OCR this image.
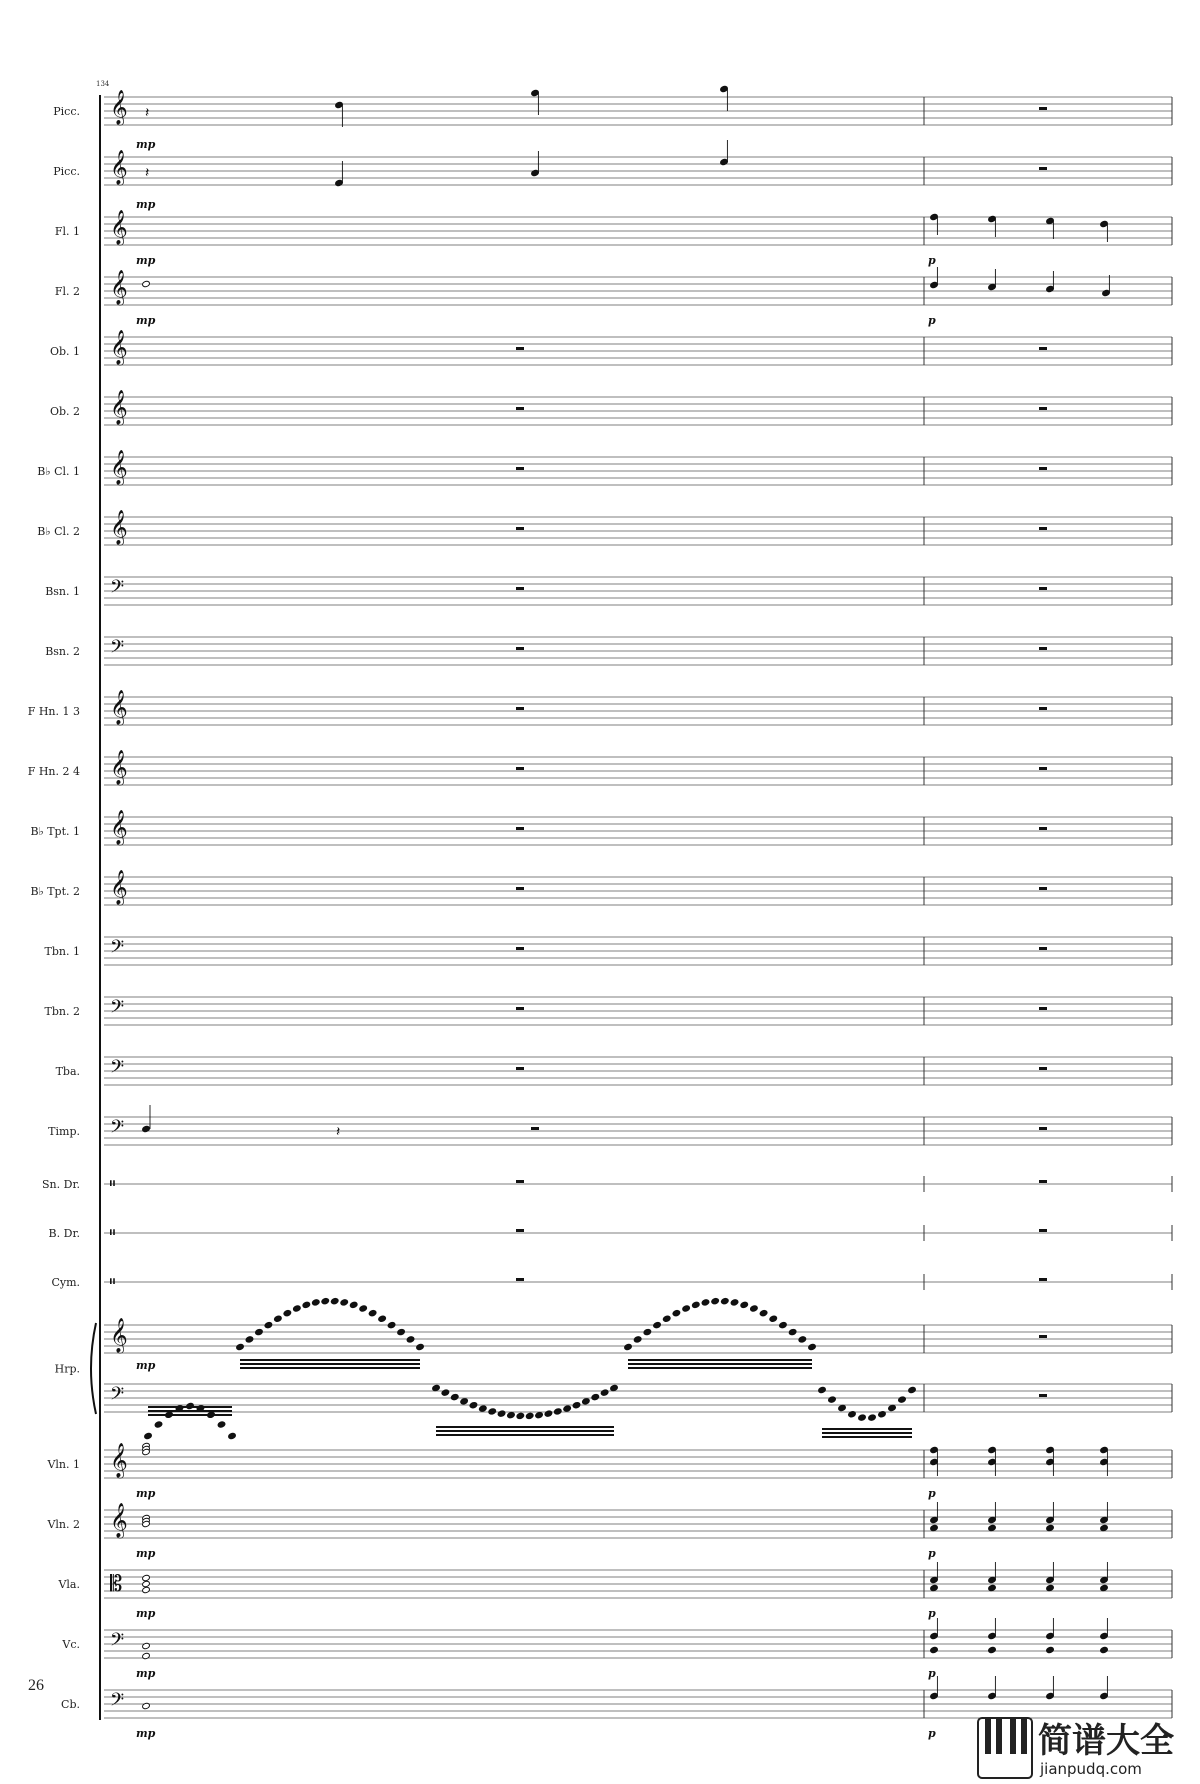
Picc.
Picc.
Fl. 1
Fl. 2
Ob. 1
Ob. 2
B♭ Cl. 1
B♭ Cl. 2
Bsn. 1
Bsn. 2
F Hn. 1 3
F Hn. 2 4
B♭ Tpt. 1
B♭ Tpt. 2
Tbn. 1
Tbn. 2
Tba.
Timp.
Sn. Dr.
B. Dr.
Cym.
Hrp.
Vln. 1
Vln. 2
Vla.
Vc.
Cb.
𝄞
𝄞
𝄞
𝄞
𝄞
𝄞
𝄞
𝄞
𝄢
𝄢
𝄞
𝄞
𝄞
𝄞
𝄢
𝄢
𝄢
𝄢
𝄥
𝄥
𝄥
𝄞
𝄢
𝄞
𝄞
𝄡
𝄢
𝄢
𝄽
𝄽
mp
𝄽
mp
mp
mp
p
p
mp
mp
mp
mp
mp
mp
p
p
p
p
p
134
26
简谱大全
jianpudq.com
